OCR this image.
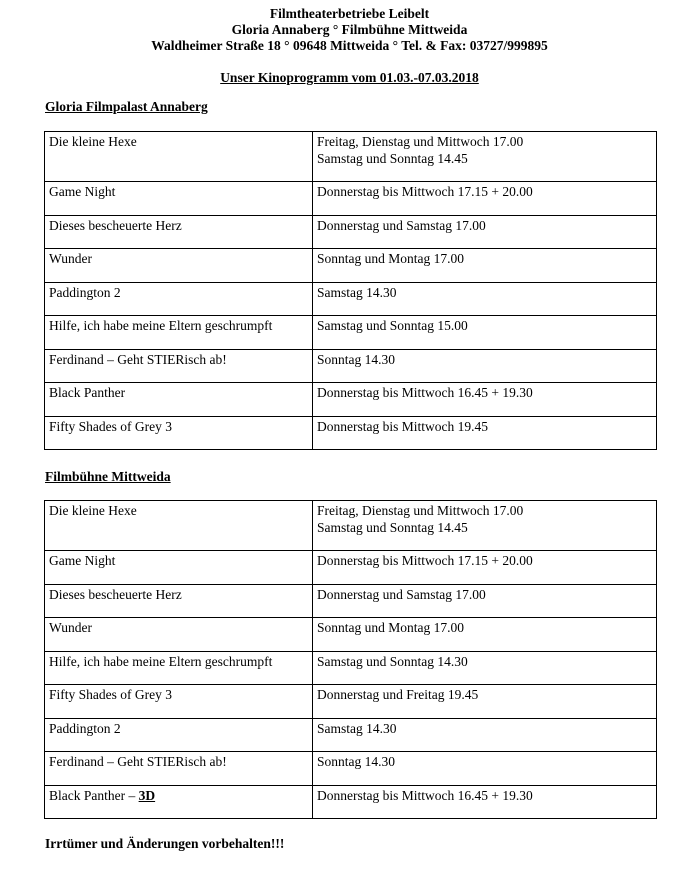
Filmtheaterbetriebe Leibelt
Gloria Annaberg ° Filmbühne Mittweida
Waldheimer Straße 18 ° 09648 Mittweida ° Tel. & Fax: 03727/999895
Unser Kinoprogramm vom 01.03.-07.03.2018
Gloria Filmpalast Annaberg
Die kleine Hexe	Freitag, Dienstag und Mittwoch 17.00
Samstag und Sonntag 14.45

Game Night	Donnerstag bis Mittwoch 17.15 + 20.00

Dieses bescheuerte Herz	Donnerstag und Samstag 17.00

Wunder	Sonntag und Montag 17.00

Paddington 2	Samstag 14.30

Hilfe, ich habe meine Eltern geschrumpft	Samstag und Sonntag 15.00

Ferdinand – Geht STIERisch ab!	Sonntag 14.30

Black Panther	Donnerstag bis Mittwoch 16.45 + 19.30

Fifty Shades of Grey 3	Donnerstag bis Mittwoch 19.45
Filmbühne Mittweida
Die kleine Hexe	Freitag, Dienstag und Mittwoch 17.00
Samstag und Sonntag 14.45

Game Night	Donnerstag bis Mittwoch 17.15 + 20.00

Dieses bescheuerte Herz	Donnerstag und Samstag 17.00

Wunder	Sonntag und Montag 17.00

Hilfe, ich habe meine Eltern geschrumpft	Samstag und Sonntag 14.30

Fifty Shades of Grey 3	Donnerstag und Freitag 19.45

Paddington 2	Samstag 14.30

Ferdinand – Geht STIERisch ab!	Sonntag 14.30

Black Panther – 3D	Donnerstag bis Mittwoch 16.45 + 19.30
Irrtümer und Änderungen vorbehalten!!!
